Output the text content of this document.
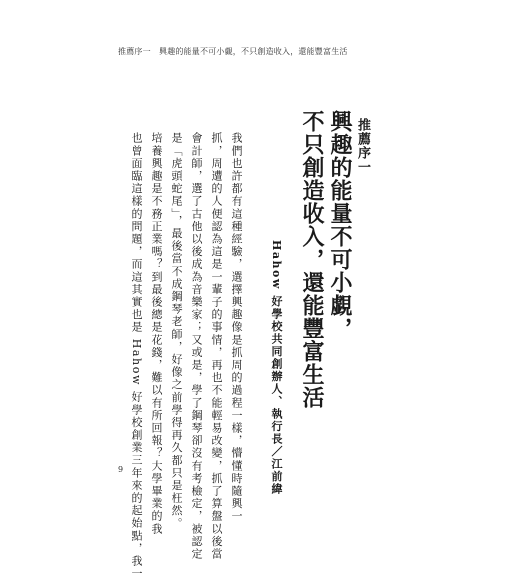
推薦序一　興趣的能量不可小覷，不只創造收入，還能豐富生活
推薦序一
興趣的能量不可小覷，
不只創造收入，還能豐富生活
Hahow 好學校共同創辦人、執行長／江前緯
我們也許都有這種經驗，選擇興趣像是抓周的過程一樣，懵懂時隨興一
抓，周遭的人便認為這是一輩子的事情，再也不能輕易改變，抓了算盤以後當
會計師，選了古他以後成為音樂家；又或是，學了鋼琴卻沒有考檢定，被認定
是「虎頭蛇尾」，最後當不成鋼琴老師，好像之前學得再久都只是枉然。
培養興趣是不務正業嗎？到最後總是花錢，難以有所回報？大學畢業的我
也曾面臨這樣的問題，而這其實也是 Hahow 好學校創業三年來的起始點，我一
9
